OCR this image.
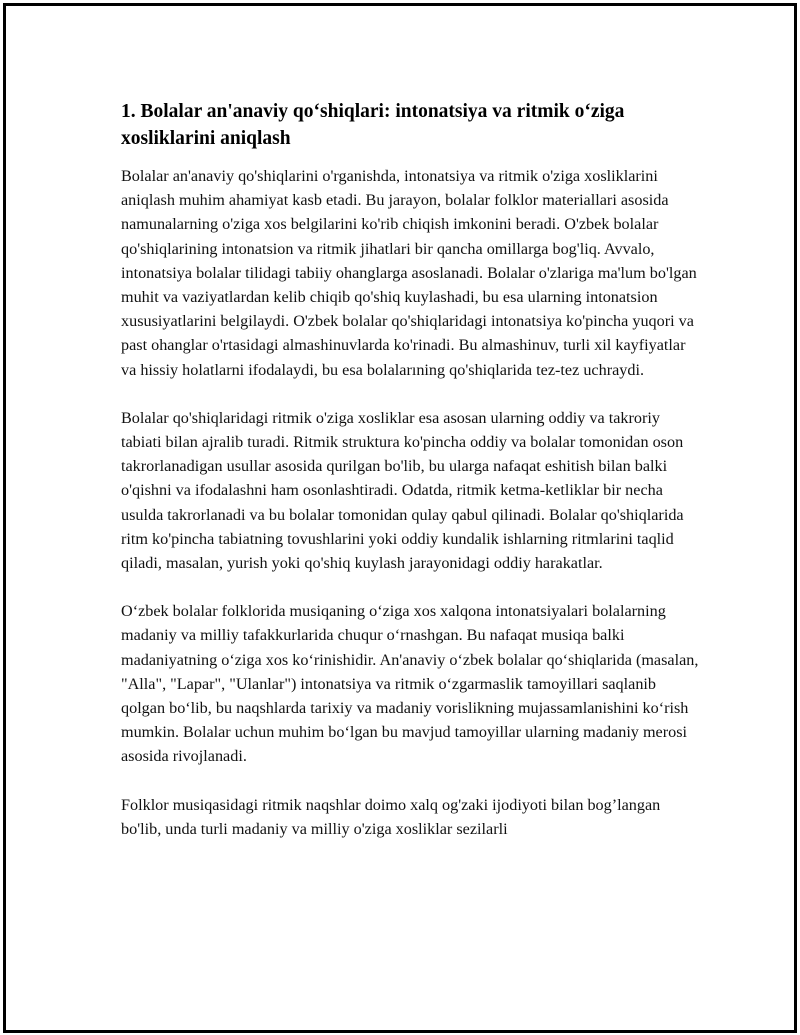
1. Bolalar an'anaviy qo‘shiqlari: intonatsiya va ritmik o‘ziga xosliklarini aniqlash

Bolalar an'anaviy qo'shiqlarini o'rganishda, intonatsiya va ritmik o'ziga xosliklarini aniqlash muhim ahamiyat kasb etadi. Bu jarayon, bolalar folklor materiallari asosida namunalarning o'ziga xos belgilarini ko'rib chiqish imkonini beradi. O'zbek bolalar qo'shiqlarining intonatsion va ritmik jihatlari bir qancha omillarga bog'liq. Avvalo, intonatsiya bolalar tilidagi tabiiy ohanglarga asoslanadi. Bolalar o'zlariga ma'lum bo'lgan muhit va vaziyatlardan kelib chiqib qo'shiq kuylashadi, bu esa ularning intonatsion xususiyatlarini belgilaydi. O'zbek bolalar qo'shiqlaridagi intonatsiya ko'pincha yuqori va past ohanglar o'rtasidagi almashinuvlarda ko'rinadi. Bu almashinuv, turli xil kayfiyatlar va hissiy holatlarni ifodalaydi, bu esa bolalarıning qo'shiqlarida tez-tez uchraydi.

Bolalar qo'shiqlaridagi ritmik o'ziga xosliklar esa asosan ularning oddiy va takroriy tabiati bilan ajralib turadi. Ritmik struktura ko'pincha oddiy va bolalar tomonidan oson takrorlanadigan usullar asosida qurilgan bo'lib, bu ularga nafaqat eshitish bilan balki o'qishni va ifodalashni ham osonlashtiradi. Odatda, ritmik ketma-ketliklar bir necha usulda takrorlanadi va bu bolalar tomonidan qulay qabul qilinadi. Bolalar qo'shiqlarida ritm ko'pincha tabiatning tovushlarini yoki oddiy kundalik ishlarning ritmlarini taqlid qiladi, masalan, yurish yoki qo'shiq kuylash jarayonidagi oddiy harakatlar.

O‘zbek bolalar folklorida musiqaning o‘ziga xos xalqona intonatsiyalari bolalarning madaniy va milliy tafakkurlarida chuqur o‘rnashgan. Bu nafaqat musiqa balki madaniyatning o‘ziga xos ko‘rinishidir. An'anaviy o‘zbek bolalar qo‘shiqlarida (masalan, "Alla", "Lapar", "Ulanlar") intonatsiya va ritmik o‘zgarmaslik tamoyillari saqlanib qolgan bo‘lib, bu naqshlarda tarixiy va madaniy vorislikning mujassamlanishini ko‘rish mumkin. Bolalar uchun muhim bo‘lgan bu mavjud tamoyillar ularning madaniy merosi asosida rivojlanadi.

Folklor musiqasidagi ritmik naqshlar doimo xalq og'zaki ijodiyoti bilan bog’langan bo'lib, unda turli madaniy va milliy o'ziga xosliklar sezilarli
